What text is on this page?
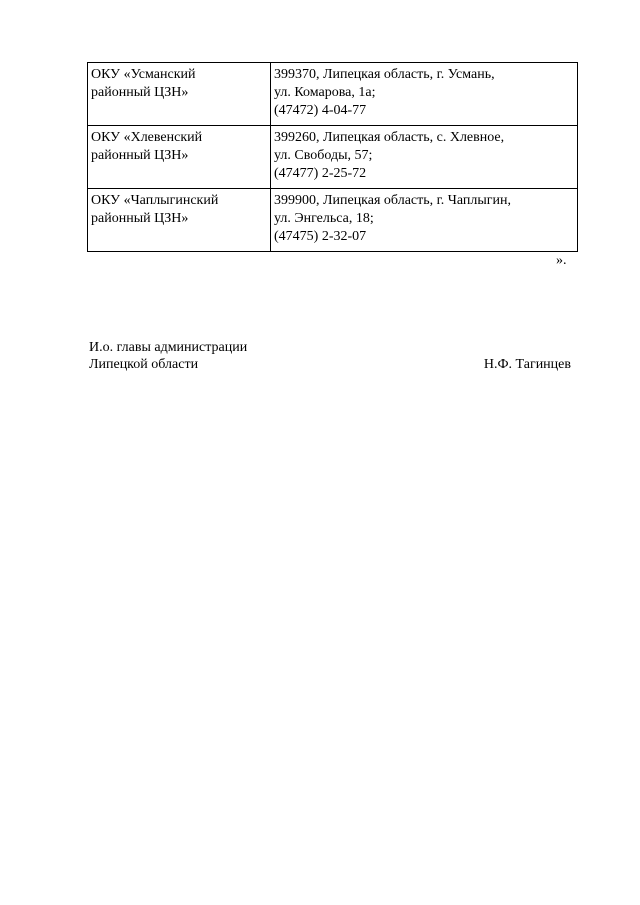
ОКУ «Усманский
районный ЦЗН»	399370, Липецкая область, г. Усмань,
ул. Комарова, 1а;
(47472) 4-04-77

ОКУ «Хлевенский
районный ЦЗН»	399260, Липецкая область, с. Хлевное,
ул. Свободы, 57;
(47477) 2-25-72

ОКУ «Чаплыгинский
районный ЦЗН»	399900, Липецкая область, г. Чаплыгин,
ул. Энгельса, 18;
(47475) 2-32-07
».
И.о. главы администрации
Липецкой области	Н.Ф. Тагинцев
